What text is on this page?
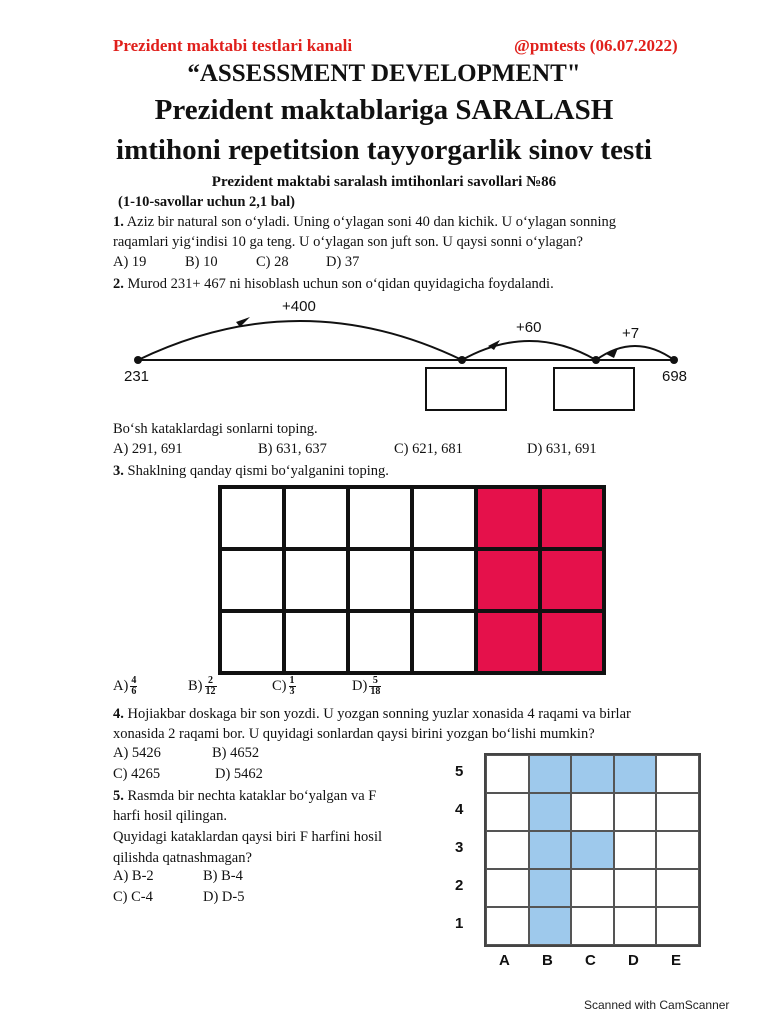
Prezident maktabi testlari kanali	@pmtests (06.07.2022)
“ASSESSMENT DEVELOPMENT"
Prezident maktablariga SARALASH
imtihoni repetitsion tayyorgarlik sinov testi
Prezident maktabi saralash imtihonlari savollari №86
(1-10-savollar uchun 2,1 bal)
1. Aziz bir natural son o‘yladi. Uning o‘ylagan soni 40 dan kichik. U o‘ylagan sonning
raqamlari yig‘indisi 10 ga teng. U o‘ylagan son juft son. U qaysi sonni o‘ylagan?
A) 19	B) 10	C) 28	D) 37
2. Murod 231+ 467 ni hisoblash uchun son o‘qidan quyidagicha foydalandi.
+400
+60	+7
231	698
Bo‘sh kataklardagi sonlarni toping.
A) 291, 691	B) 631, 637	C) 621, 681	D) 631, 691
3. Shaklning qanday qismi bo‘yalganini toping.
$A) \frac{4}{6}$	$B) \frac{2}{12}$	$C) \frac{1}{3}$	$D) \frac{5}{18}$
4. Hojiakbar doskaga bir son yozdi. U yozgan sonning yuzlar xonasida 4 raqami va birlar
xonasida 2 raqami bor. U quyidagi sonlardan qaysi birini yozgan bo‘lishi mumkin?
A) 5426	B) 4652
C) 4265	D) 5462
5. Rasmda bir nechta kataklar bo‘yalgan va F
harfi hosil qilingan.
Quyidagi kataklardan qaysi biri F harfini hosil
qilishda qatnashmagan?
A) B-2	B) B-4
C) C-4	D) D-5
5
4
3
2
1
A B C D E
Scanned with CamScanner
